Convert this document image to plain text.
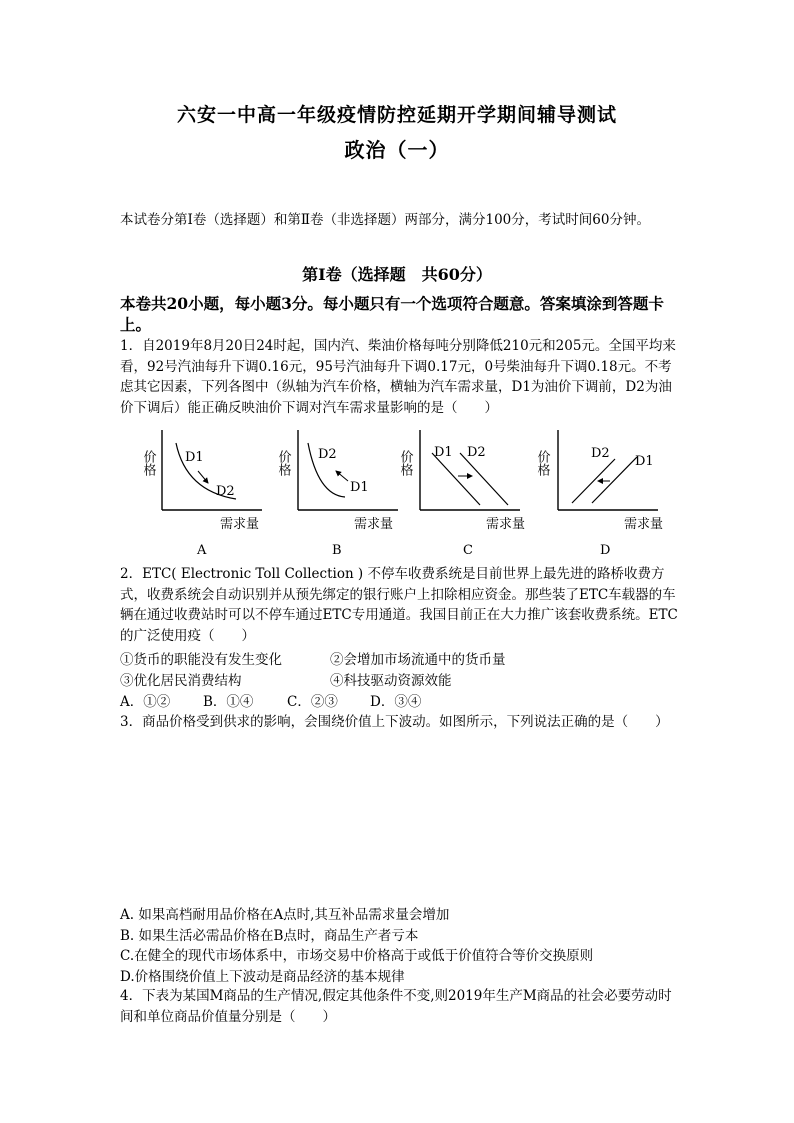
六安一中高一年级疫情防控延期开学期间辅导测试
政治（一）
本试卷分第Ⅰ卷（选择题）和第Ⅱ卷（非选择题）两部分，满分100分，考试时间60分钟。
第Ⅰ卷（选择题　共60分）
本卷共20小题，每小题3分。每小题只有一个选项符合题意。答案填涂到答题卡上。
1．自2019年8月20日24时起，国内汽、柴油价格每吨分别降低210元和205元。全国平均来看，92号汽油每升下调0.16元，95号汽油每升下调0.17元，0号柴油每升下调0.18元。不考虑其它因素，下列各图中（纵轴为汽车价格，横轴为汽车需求量，D1为油价下调前，D2为油价下调后）能正确反映油价下调对汽车需求量影响的是（　　）
价格 D1
D2
需求量
A
价格 D2
D1
需求量
B
价格 D1 D2
需求量
C
价格	D2
D1
需求量
D
2．ETC( Electronic Toll Collection ) 不停车收费系统是目前世界上最先进的路桥收费方式，收费系统会自动识别并从预先绑定的银行账户上扣除相应资金。那些装了ETC车载器的车辆在通过收费站时可以不停车通过ETC专用通道。我国目前正在大力推广该套收费系统。ETC的广泛使用疫（　　）
①货币的职能没有发生变化	②会增加市场流通中的货币量
③优化居民消费结构	④科技驱动资源效能
A．①② B．①④ C．②③ D．③④
3．商品价格受到供求的影响，会围绕价值上下波动。如图所示，下列说法正确的是（　　）
A. 如果高档耐用品价格在A点时,其互补品需求量会增加
B. 如果生活必需品价格在B点时，商品生产者亏本
C.在健全的现代市场体系中，市场交易中价格高于或低于价值符合等价交换原则
D.价格围绕价值上下波动是商品经济的基本规律
4．下表为某国M商品的生产情况,假定其他条件不变,则2019年生产M商品的社会必要劳动时间和单位商品价值量分别是（　　）
